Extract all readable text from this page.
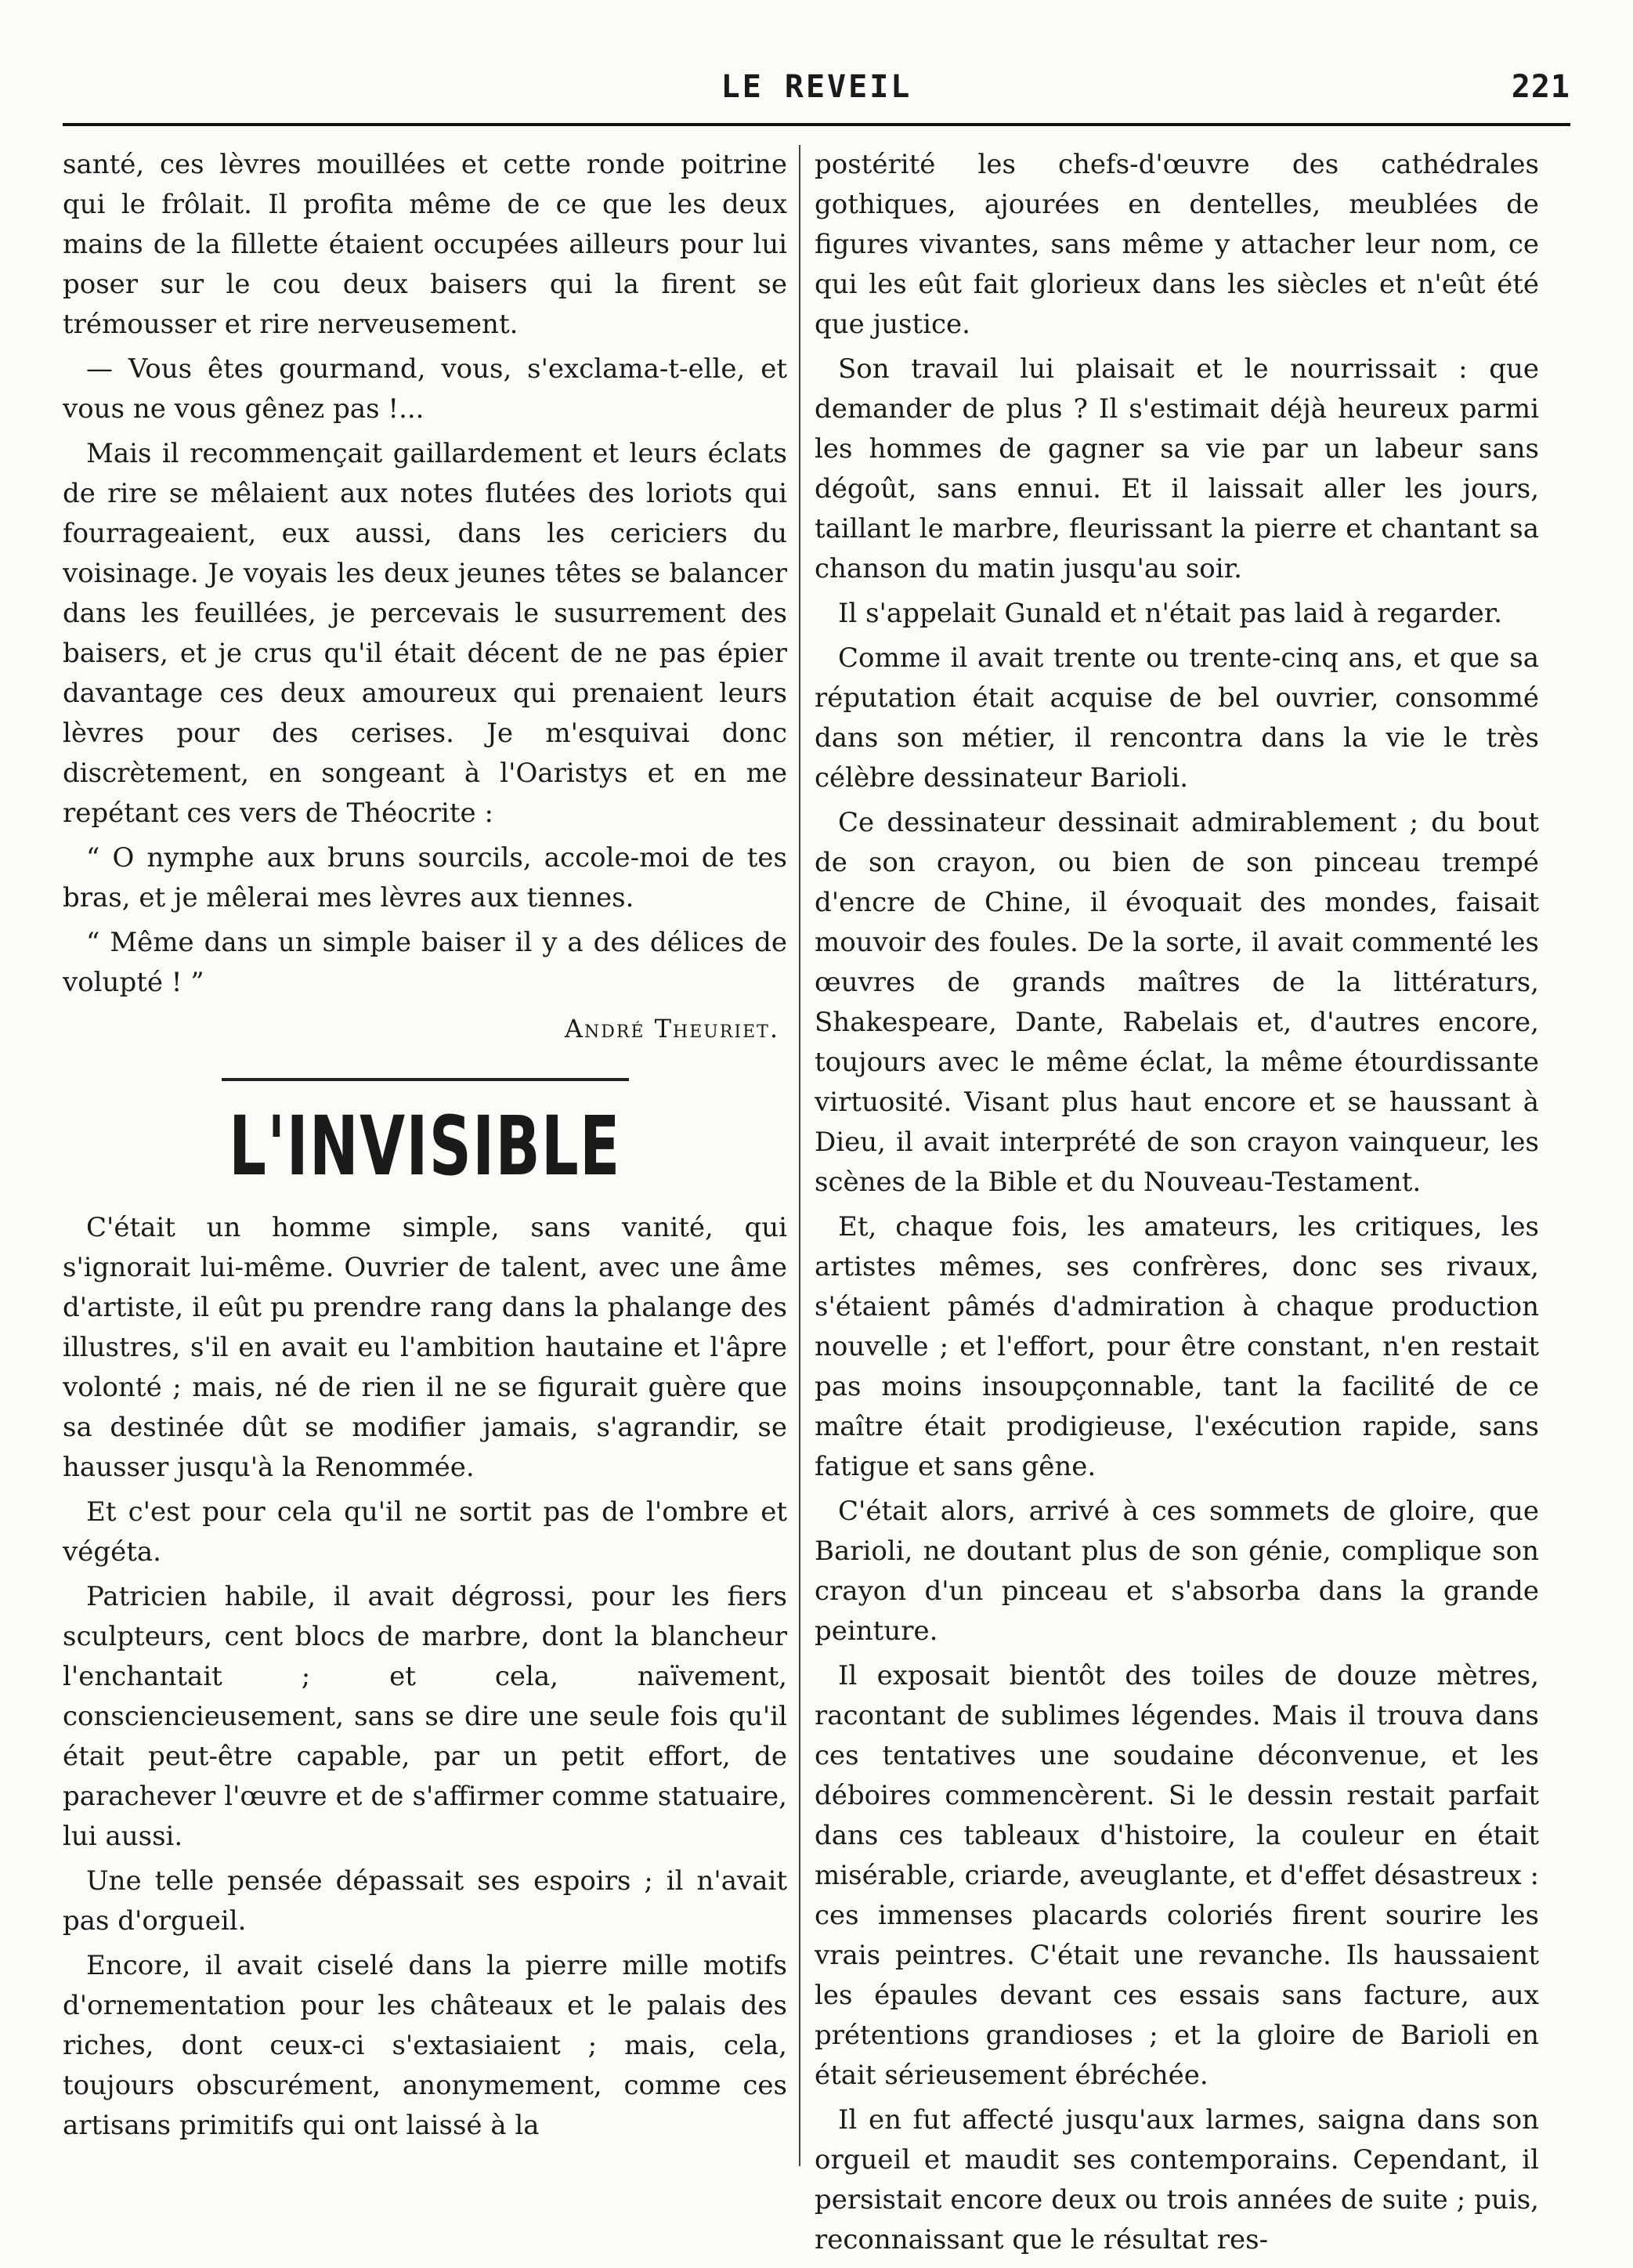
LE REVEIL	221

santé, ces lèvres mouillées et cette ronde poitrine qui le frôlait. Il profita même de ce que les deux mains de la fillette étaient occupées ailleurs pour lui poser sur le cou deux baisers qui la firent se trémousser et rire nerveusement.

— Vous êtes gourmand, vous, s'exclama-t-elle, et vous ne vous gênez pas !...

Mais il recommençait gaillardement et leurs éclats de rire se mêlaient aux notes flutées des loriots qui fourrageaient, eux aussi, dans les cericiers du voisinage. Je voyais les deux jeunes têtes se balancer dans les feuillées, je percevais le susurrement des baisers, et je crus qu'il était décent de ne pas épier davantage ces deux amoureux qui prenaient leurs lèvres pour des cerises. Je m'esquivai donc discrètement, en songeant à l'Oaristys et en me repétant ces vers de Théocrite :

“ O nymphe aux bruns sourcils, accole-moi de tes bras, et je mêlerai mes lèvres aux tiennes.

“ Même dans un simple baiser il y a des délices de volupté ! ”

André Theuriet.
L'INVISIBLE

C'était un homme simple, sans vanité, qui s'ignorait lui-même. Ouvrier de talent, avec une âme d'artiste, il eût pu prendre rang dans la phalange des illustres, s'il en avait eu l'ambition hautaine et l'âpre volonté ; mais, né de rien il ne se figurait guère que sa destinée dût se modifier jamais, s'agrandir, se hausser jusqu'à la Renommée.

Et c'est pour cela qu'il ne sortit pas de l'ombre et végéta.

Patricien habile, il avait dégrossi, pour les fiers sculpteurs, cent blocs de marbre, dont la blancheur l'enchantait ; et cela, naïvement, consciencieusement, sans se dire une seule fois qu'il était peut-être capable, par un petit effort, de parachever l'œuvre et de s'affirmer comme statuaire, lui aussi.

Une telle pensée dépassait ses espoirs ; il n'avait pas d'orgueil.

Encore, il avait ciselé dans la pierre mille motifs d'ornementation pour les châteaux et le palais des riches, dont ceux-ci s'extasiaient ; mais, cela, toujours obscurément, anonymement, comme ces artisans primitifs qui ont laissé à la

postérité les chefs-d'œuvre des cathédrales gothiques, ajourées en dentelles, meublées de figures vivantes, sans même y attacher leur nom, ce qui les eût fait glorieux dans les siècles et n'eût été que justice.

Son travail lui plaisait et le nourrissait : que demander de plus ? Il s'estimait déjà heureux parmi les hommes de gagner sa vie par un labeur sans dégoût, sans ennui. Et il laissait aller les jours, taillant le marbre, fleurissant la pierre et chantant sa chanson du matin jusqu'au soir.

Il s'appelait Gunald et n'était pas laid à regarder.

Comme il avait trente ou trente-cinq ans, et que sa réputation était acquise de bel ouvrier, consommé dans son métier, il rencontra dans la vie le très célèbre dessinateur Barioli.

Ce dessinateur dessinait admirablement ; du bout de son crayon, ou bien de son pinceau trempé d'encre de Chine, il évoquait des mondes, faisait mouvoir des foules. De la sorte, il avait commenté les œuvres de grands maîtres de la littératurs, Shakespeare, Dante, Rabelais et, d'autres encore, toujours avec le même éclat, la même étourdissante virtuosité. Visant plus haut encore et se haussant à Dieu, il avait interprété de son crayon vainqueur, les scènes de la Bible et du Nouveau-Testament.

Et, chaque fois, les amateurs, les critiques, les artistes mêmes, ses confrères, donc ses rivaux, s'étaient pâmés d'admiration à chaque production nouvelle ; et l'effort, pour être constant, n'en restait pas moins insoupçonnable, tant la facilité de ce maître était prodigieuse, l'exécution rapide, sans fatigue et sans gêne.

C'était alors, arrivé à ces sommets de gloire, que Barioli, ne doutant plus de son génie, complique son crayon d'un pinceau et s'absorba dans la grande peinture.

Il exposait bientôt des toiles de douze mètres, racontant de sublimes légendes. Mais il trouva dans ces tentatives une soudaine déconvenue, et les déboires commencèrent. Si le dessin restait parfait dans ces tableaux d'histoire, la couleur en était misérable, criarde, aveuglante, et d'effet désastreux : ces immenses placards coloriés firent sourire les vrais peintres. C'était une revanche. Ils haussaient les épaules devant ces essais sans facture, aux prétentions grandioses ; et la gloire de Barioli en était sérieusement ébréchée.

Il en fut affecté jusqu'aux larmes, saigna dans son orgueil et maudit ses contemporains. Cependant, il persistait encore deux ou trois années de suite ; puis, reconnaissant que le résultat res-
